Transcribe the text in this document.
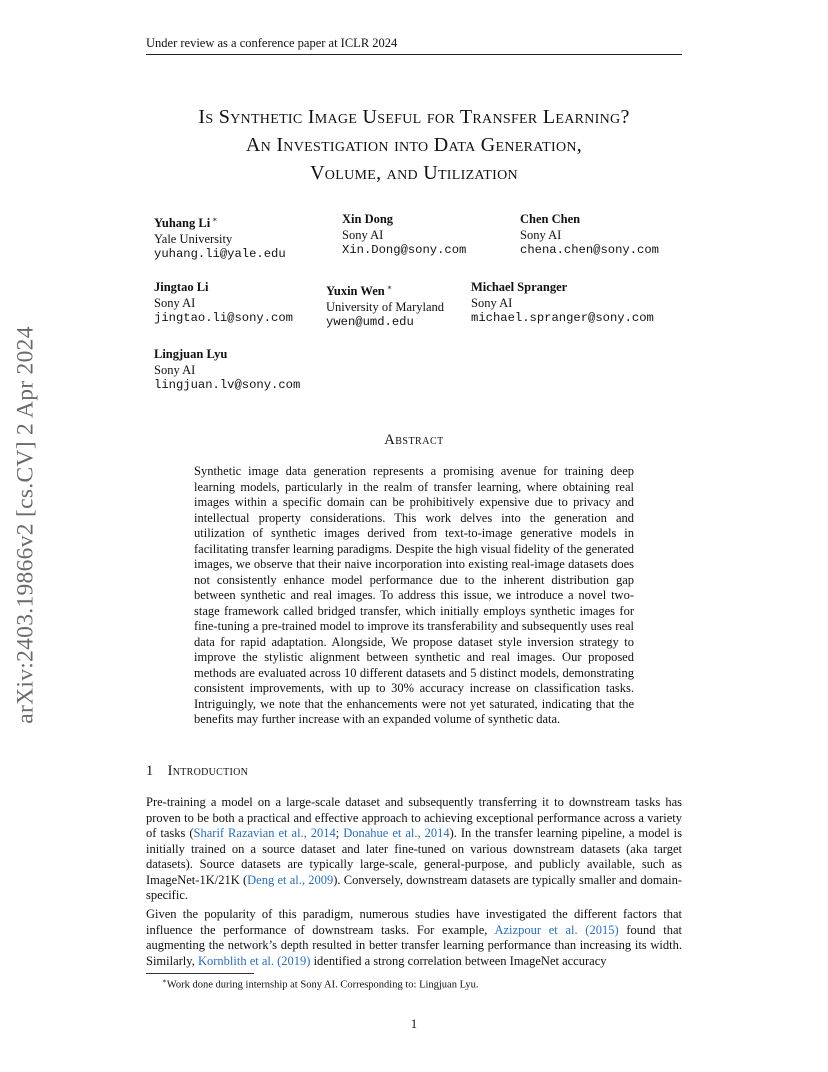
Under review as a conference paper at ICLR 2024
arXiv:2403.19866v2 [cs.CV] 2 Apr 2024
Is Synthetic Image Useful for Transfer Learning?
An Investigation into Data Generation,
Volume, and Utilization
Yuhang Li ∗
Yale University
yuhang.li@yale.edu
Xin Dong
Sony AI
Xin.Dong@sony.com
Chen Chen
Sony AI
chena.chen@sony.com
Jingtao Li
Sony AI
jingtao.li@sony.com
Yuxin Wen ∗
University of Maryland
ywen@umd.edu
Michael Spranger
Sony AI
michael.spranger@sony.com
Lingjuan Lyu
Sony AI
lingjuan.lv@sony.com
Abstract
Synthetic image data generation represents a promising avenue for training deep learning models, particularly in the realm of transfer learning, where obtaining real images within a specific domain can be prohibitively expensive due to privacy and intellectual property considerations. This work delves into the generation and utilization of synthetic images derived from text-to-image generative models in facilitating transfer learning paradigms. Despite the high visual fidelity of the generated images, we observe that their naive incorporation into existing real-image datasets does not consistently enhance model performance due to the inherent distribution gap between synthetic and real images. To address this issue, we introduce a novel two-stage framework called bridged transfer, which initially employs synthetic images for fine-tuning a pre-trained model to improve its transferability and subsequently uses real data for rapid adaptation. Alongside, We propose dataset style inversion strategy to improve the stylistic alignment between synthetic and real images. Our proposed methods are evaluated across 10 different datasets and 5 distinct models, demonstrating consistent improvements, with up to 30% accuracy increase on classification tasks. Intriguingly, we note that the enhancements were not yet saturated, indicating that the benefits may further increase with an expanded volume of synthetic data.
1 Introduction
Pre-training a model on a large-scale dataset and subsequently transferring it to downstream tasks has proven to be both a practical and effective approach to achieving exceptional performance across a variety of tasks (Sharif Razavian et al., 2014; Donahue et al., 2014). In the transfer learning pipeline, a model is initially trained on a source dataset and later fine-tuned on various downstream datasets (aka target datasets). Source datasets are typically large-scale, general-purpose, and publicly available, such as ImageNet-1K/21K (Deng et al., 2009). Conversely, downstream datasets are typically smaller and domain-specific.
Given the popularity of this paradigm, numerous studies have investigated the different factors that influence the performance of downstream tasks. For example, Azizpour et al. (2015) found that augmenting the network’s depth resulted in better transfer learning performance than increasing its width. Similarly, Kornblith et al. (2019) identified a strong correlation between ImageNet accuracy
∗Work done during internship at Sony AI. Corresponding to: Lingjuan Lyu.
1
